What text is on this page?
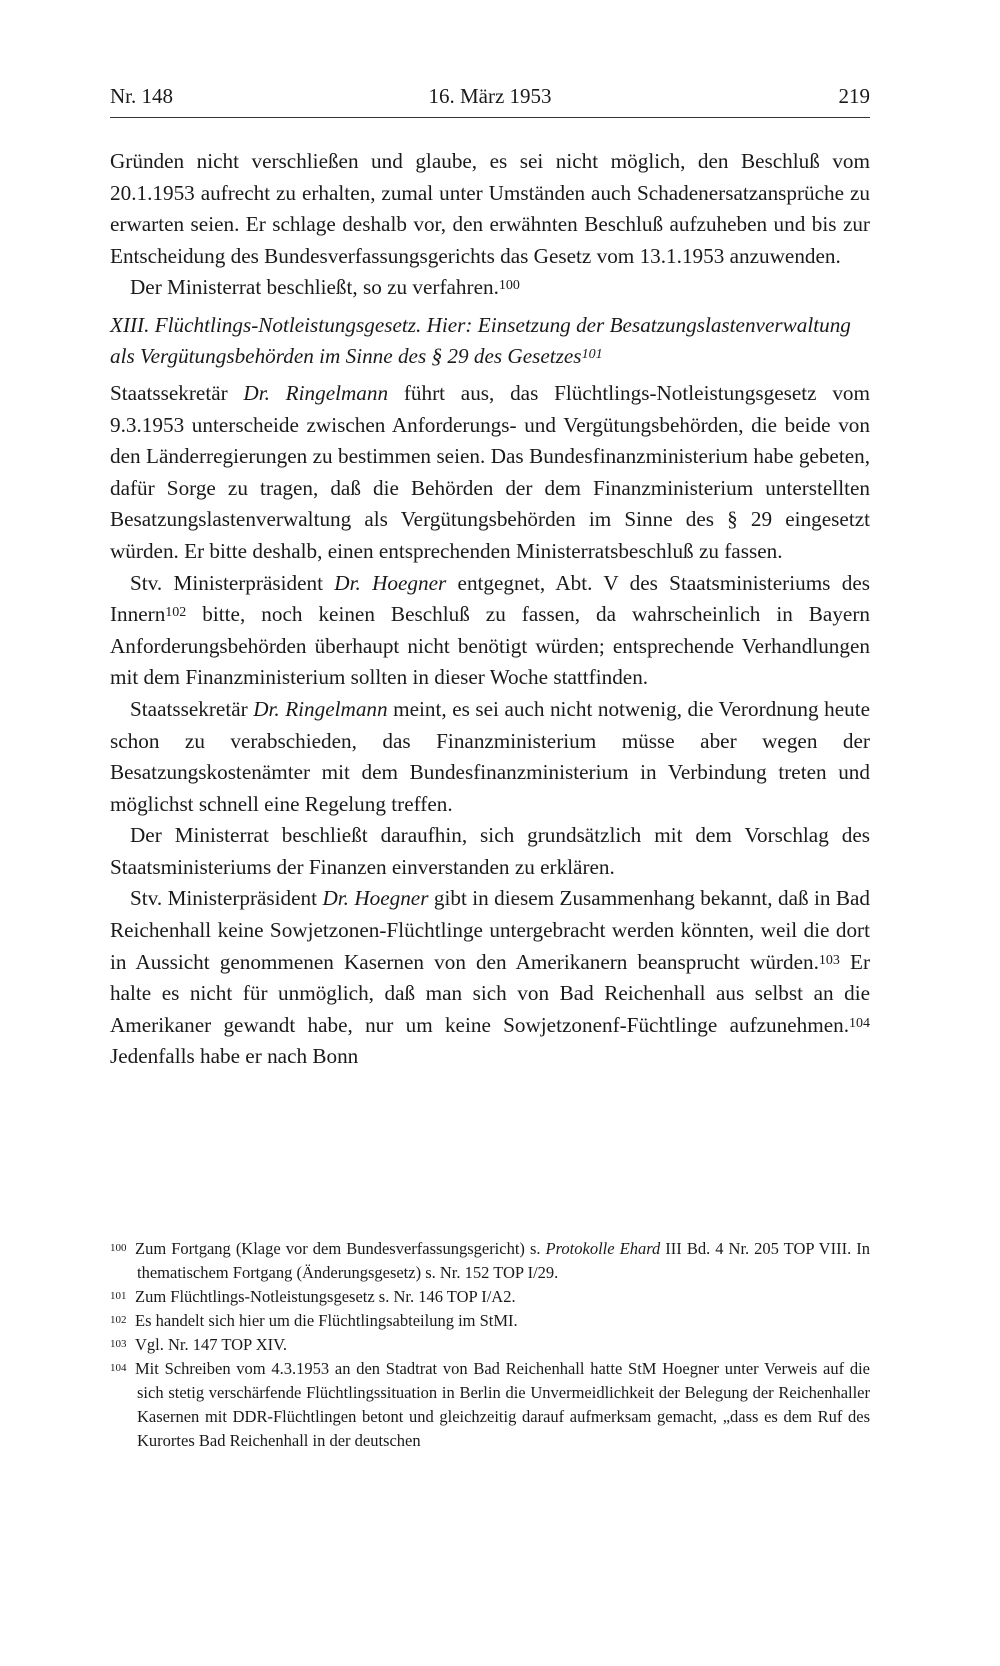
Nr. 148	16. März 1953	219

Gründen nicht verschließen und glaube, es sei nicht möglich, den Beschluß vom 20.1.1953 aufrecht zu erhalten, zumal unter Umständen auch Schadenersatzansprüche zu erwarten seien. Er schlage deshalb vor, den erwähnten Beschluß aufzuheben und bis zur Entscheidung des Bundesverfassungsgerichts das Gesetz vom 13.1.1953 anzuwenden.

Der Ministerrat beschließt, so zu verfahren.$^{100}$

XIII. Flüchtlings-Notleistungsgesetz. Hier: Einsetzung der Besatzungslastenverwaltung als Vergütungsbehörden im Sinne des § 29 des Gesetzes$^{101}$

Staatssekretär Dr. Ringelmann führt aus, das Flüchtlings-Notleistungsgesetz vom 9.3.1953 unterscheide zwischen Anforderungs- und Vergütungsbehörden, die beide von den Länderregierungen zu bestimmen seien. Das Bundesfinanzministerium habe gebeten, dafür Sorge zu tragen, daß die Behörden der dem Finanzministerium unterstellten Besatzungslastenverwaltung als Vergütungsbehörden im Sinne des § 29 eingesetzt würden. Er bitte deshalb, einen entsprechenden Ministerratsbeschluß zu fassen.

Stv. Ministerpräsident Dr. Hoegner entgegnet, Abt. V des Staatsministeriums des Innern$^{102}$ bitte, noch keinen Beschluß zu fassen, da wahrscheinlich in Bayern Anforderungsbehörden überhaupt nicht benötigt würden; entsprechende Verhandlungen mit dem Finanzministerium sollten in dieser Woche stattfinden.

Staatssekretär Dr. Ringelmann meint, es sei auch nicht notwenig, die Verordnung heute schon zu verabschieden, das Finanzministerium müsse aber wegen der Besatzungskostenämter mit dem Bundesfinanzministerium in Verbindung treten und möglichst schnell eine Regelung treffen.

Der Ministerrat beschließt daraufhin, sich grundsätzlich mit dem Vorschlag des Staatsministeriums der Finanzen einverstanden zu erklären.

Stv. Ministerpräsident Dr. Hoegner gibt in diesem Zusammenhang bekannt, daß in Bad Reichenhall keine Sowjetzonen-Flüchtlinge untergebracht werden könnten, weil die dort in Aussicht genommenen Kasernen von den Amerikanern beansprucht würden.$^{103}$ Er halte es nicht für unmöglich, daß man sich von Bad Reichenhall aus selbst an die Amerikaner gewandt habe, nur um keine Sowjetzonenf-Füchtlinge aufzunehmen.$^{104}$ Jedenfalls habe er nach Bonn

$^{100}$ Zum Fortgang (Klage vor dem Bundesverfassungsgericht) s. Protokolle Ehard III Bd. 4 Nr. 205 TOP VIII. In thematischem Fortgang (Änderungsgesetz) s. Nr. 152 TOP I/29.

$^{101}$ Zum Flüchtlings-Notleistungsgesetz s. Nr. 146 TOP I/A2.

$^{102}$ Es handelt sich hier um die Flüchtlingsabteilung im StMI.

$^{103}$ Vgl. Nr. 147 TOP XIV.

$^{104}$ Mit Schreiben vom 4.3.1953 an den Stadtrat von Bad Reichenhall hatte StM Hoegner unter Verweis auf die sich stetig verschärfende Flüchtlingssituation in Berlin die Unvermeidlichkeit der Belegung der Reichenhaller Kasernen mit DDR-Flüchtlingen betont und gleichzeitig darauf aufmerksam gemacht, „dass es dem Ruf des Kurortes Bad Reichenhall in der deutschen
